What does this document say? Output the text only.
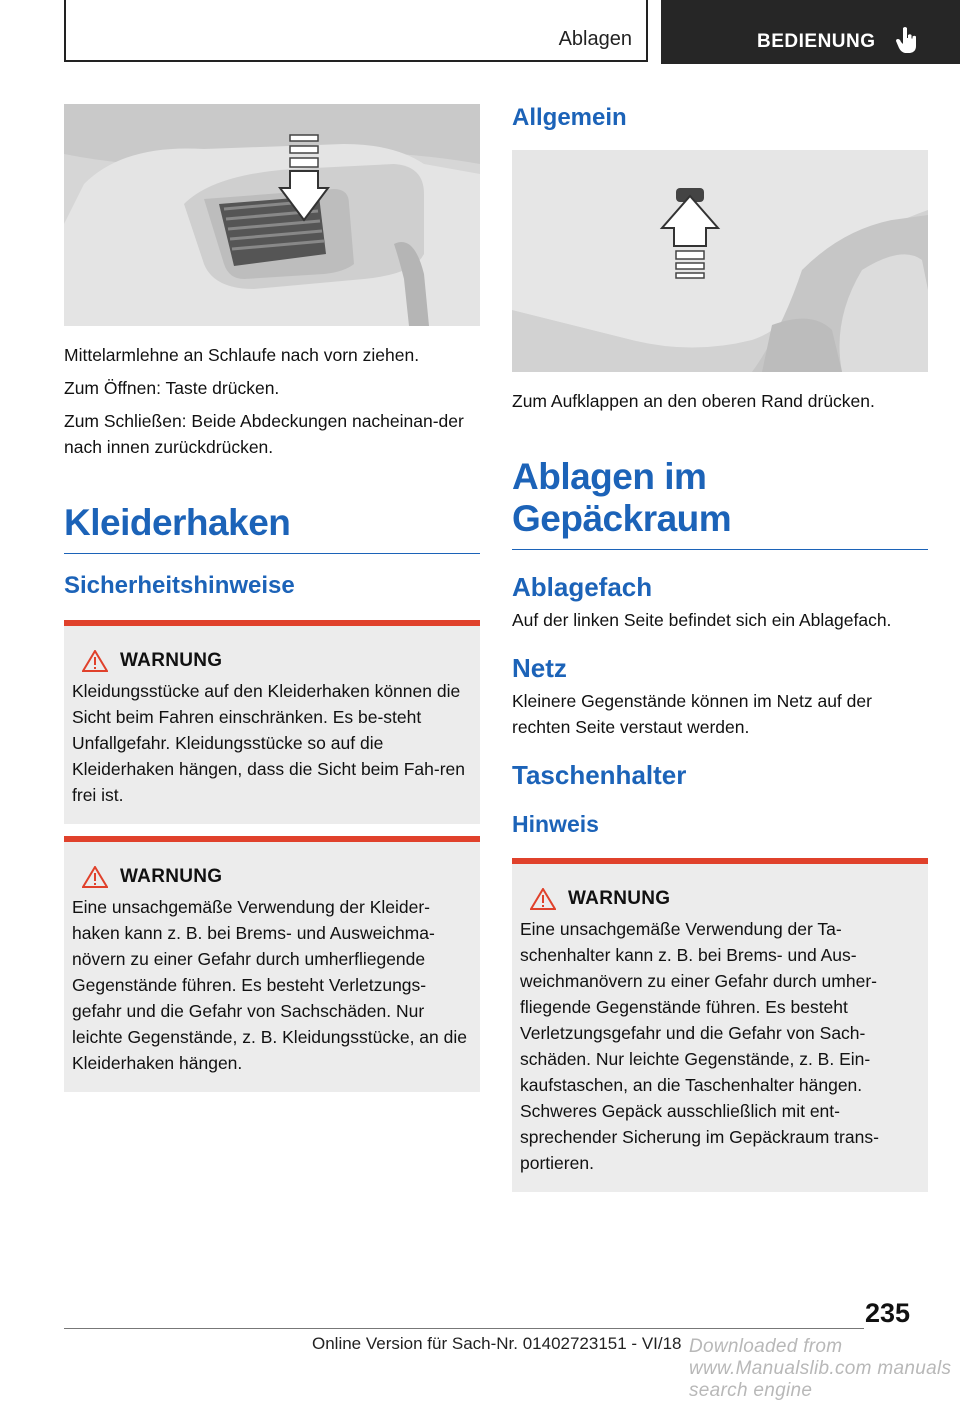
Ablagen	BEDIENUNG

Mittelarmlehne an Schlaufe nach vorn ziehen.

Zum Öffnen: Taste drücken.

Zum Schließen: Beide Abdeckungen nacheinan-der nach innen zurückdrücken.

Kleiderhaken
Sicherheitshinweise
WARNUNG

Kleidungsstücke auf den Kleiderhaken können die Sicht beim Fahren einschränken. Es be-steht Unfallgefahr. Kleidungsstücke so auf die Kleiderhaken hängen, dass die Sicht beim Fah-ren frei ist.

WARNUNG

Eine unsachgemäße Verwendung der Kleider-haken kann z. B. bei Brems- und Ausweichma-növern zu einer Gefahr durch umherfliegende Gegenstände führen. Es besteht Verletzungs-gefahr und die Gefahr von Sachschäden. Nur leichte Gegenstände, z. B. Kleidungsstücke, an die Kleiderhaken hängen.

Allgemein

Zum Aufklappen an den oberen Rand drücken.

Ablagen im Gepäckraum
Ablagefach

Auf der linken Seite befindet sich ein Ablagefach.

Netz

Kleinere Gegenstände können im Netz auf der rechten Seite verstaut werden.

Taschenhalter
Hinweis
WARNUNG

Eine unsachgemäße Verwendung der Ta-schenhalter kann z. B. bei Brems- und Aus-weichmanövern zu einer Gefahr durch umher-fliegende Gegenstände führen. Es besteht Verletzungsgefahr und die Gefahr von Sach-schäden. Nur leichte Gegenstände, z. B. Ein-kaufstaschen, an die Taschenhalter hängen. Schweres Gepäck ausschließlich mit ent-sprechender Sicherung im Gepäckraum trans-portieren.

235
Online Version für Sach-Nr. 01402723151 - VI/18 Downloaded from www.Manualslib.com manuals search engine
